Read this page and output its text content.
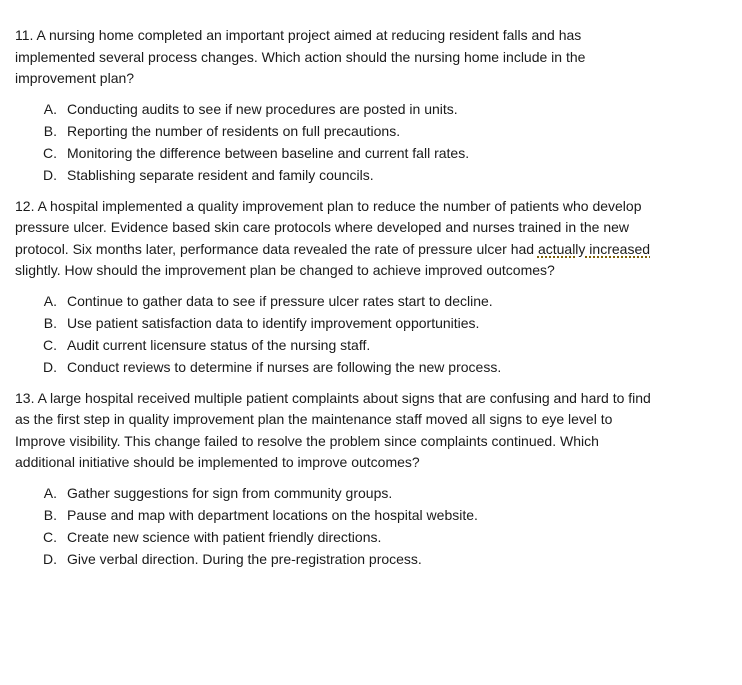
11. A nursing home completed an important project aimed at reducing resident falls and has
implemented several process changes. Which action should the nursing home include in the
improvement plan?

A. Conducting audits to see if new procedures are posted in units.
B. Reporting the number of residents on full precautions.
C. Monitoring the difference between baseline and current fall rates.
D. Stablishing separate resident and family councils.

12. A hospital implemented a quality improvement plan to reduce the number of patients who develop
pressure ulcer. Evidence based skin care protocols where developed and nurses trained in the new
protocol. Six months later, performance data revealed the rate of pressure ulcer had actually increased
slightly. How should the improvement plan be changed to achieve improved outcomes?

A. Continue to gather data to see if pressure ulcer rates start to decline.
B. Use patient satisfaction data to identify improvement opportunities.
C. Audit current licensure status of the nursing staff.
D. Conduct reviews to determine if nurses are following the new process.

13. A large hospital received multiple patient complaints about signs that are confusing and hard to find
as the first step in quality improvement plan the maintenance staff moved all signs to eye level to
Improve visibility. This change failed to resolve the problem since complaints continued. Which
additional initiative should be implemented to improve outcomes?

A. Gather suggestions for sign from community groups.
B. Pause and map with department locations on the hospital website.
C. Create new science with patient friendly directions.
D. Give verbal direction. During the pre-registration process.
